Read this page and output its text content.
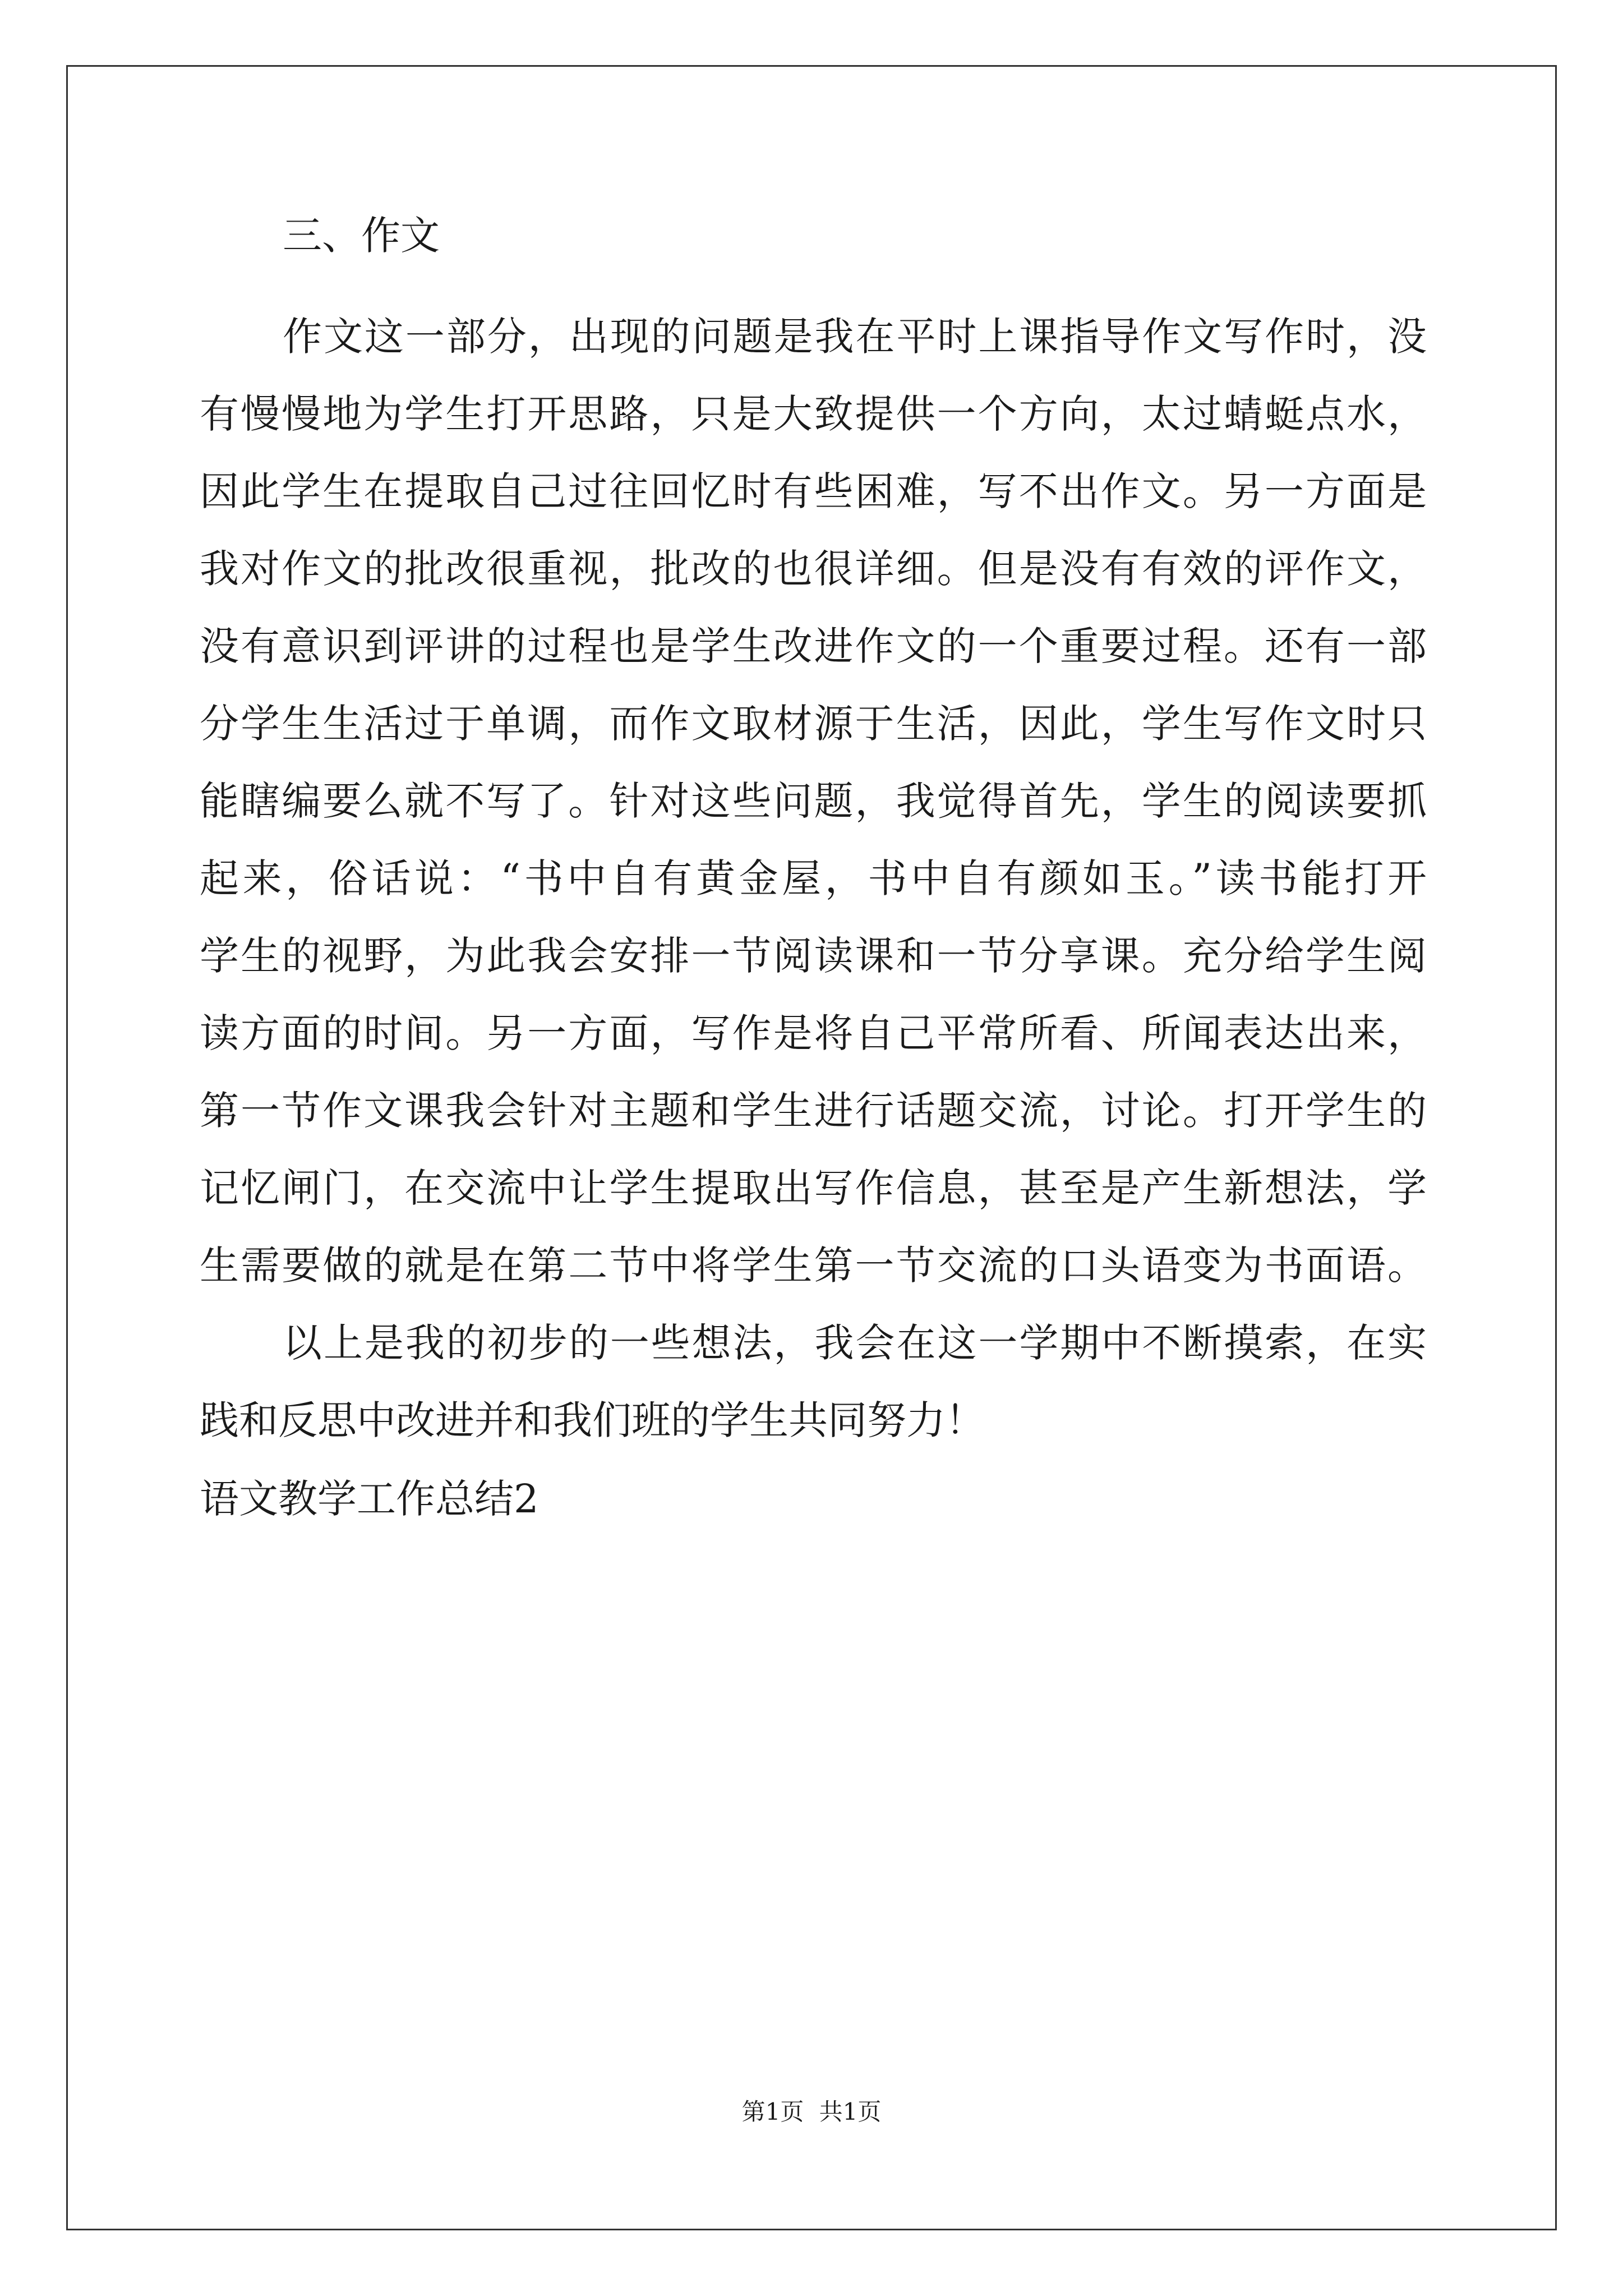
三、作文

作文这一部分，出现的问题是我在平时上课指导作文写作时，没

有慢慢地为学生打开思路，只是大致提供一个方向，太过蜻蜓点水，

因此学生在提取自己过往回忆时有些困难，写不出作文。另一方面是

我对作文的批改很重视，批改的也很详细。但是没有有效的评作文，

没有意识到评讲的过程也是学生改进作文的一个重要过程。还有一部

分学生生活过于单调，而作文取材源于生活，因此，学生写作文时只

能瞎编要么就不写了。针对这些问题，我觉得首先，学生的阅读要抓

起来，俗话说：“书中自有黄金屋，书中自有颜如玉。”读书能打开

学生的视野，为此我会安排一节阅读课和一节分享课。充分给学生阅

读方面的时间。另一方面，写作是将自己平常所看、所闻表达出来，

第一节作文课我会针对主题和学生进行话题交流，讨论。打开学生的

记忆闸门，在交流中让学生提取出写作信息，甚至是产生新想法，学

生需要做的就是在第二节中将学生第一节交流的口头语变为书面语。

以上是我的初步的一些想法，我会在这一学期中不断摸索，在实

践和反思中改进并和我们班的学生共同努力！

语文教学工作总结2
第1页 共1页
